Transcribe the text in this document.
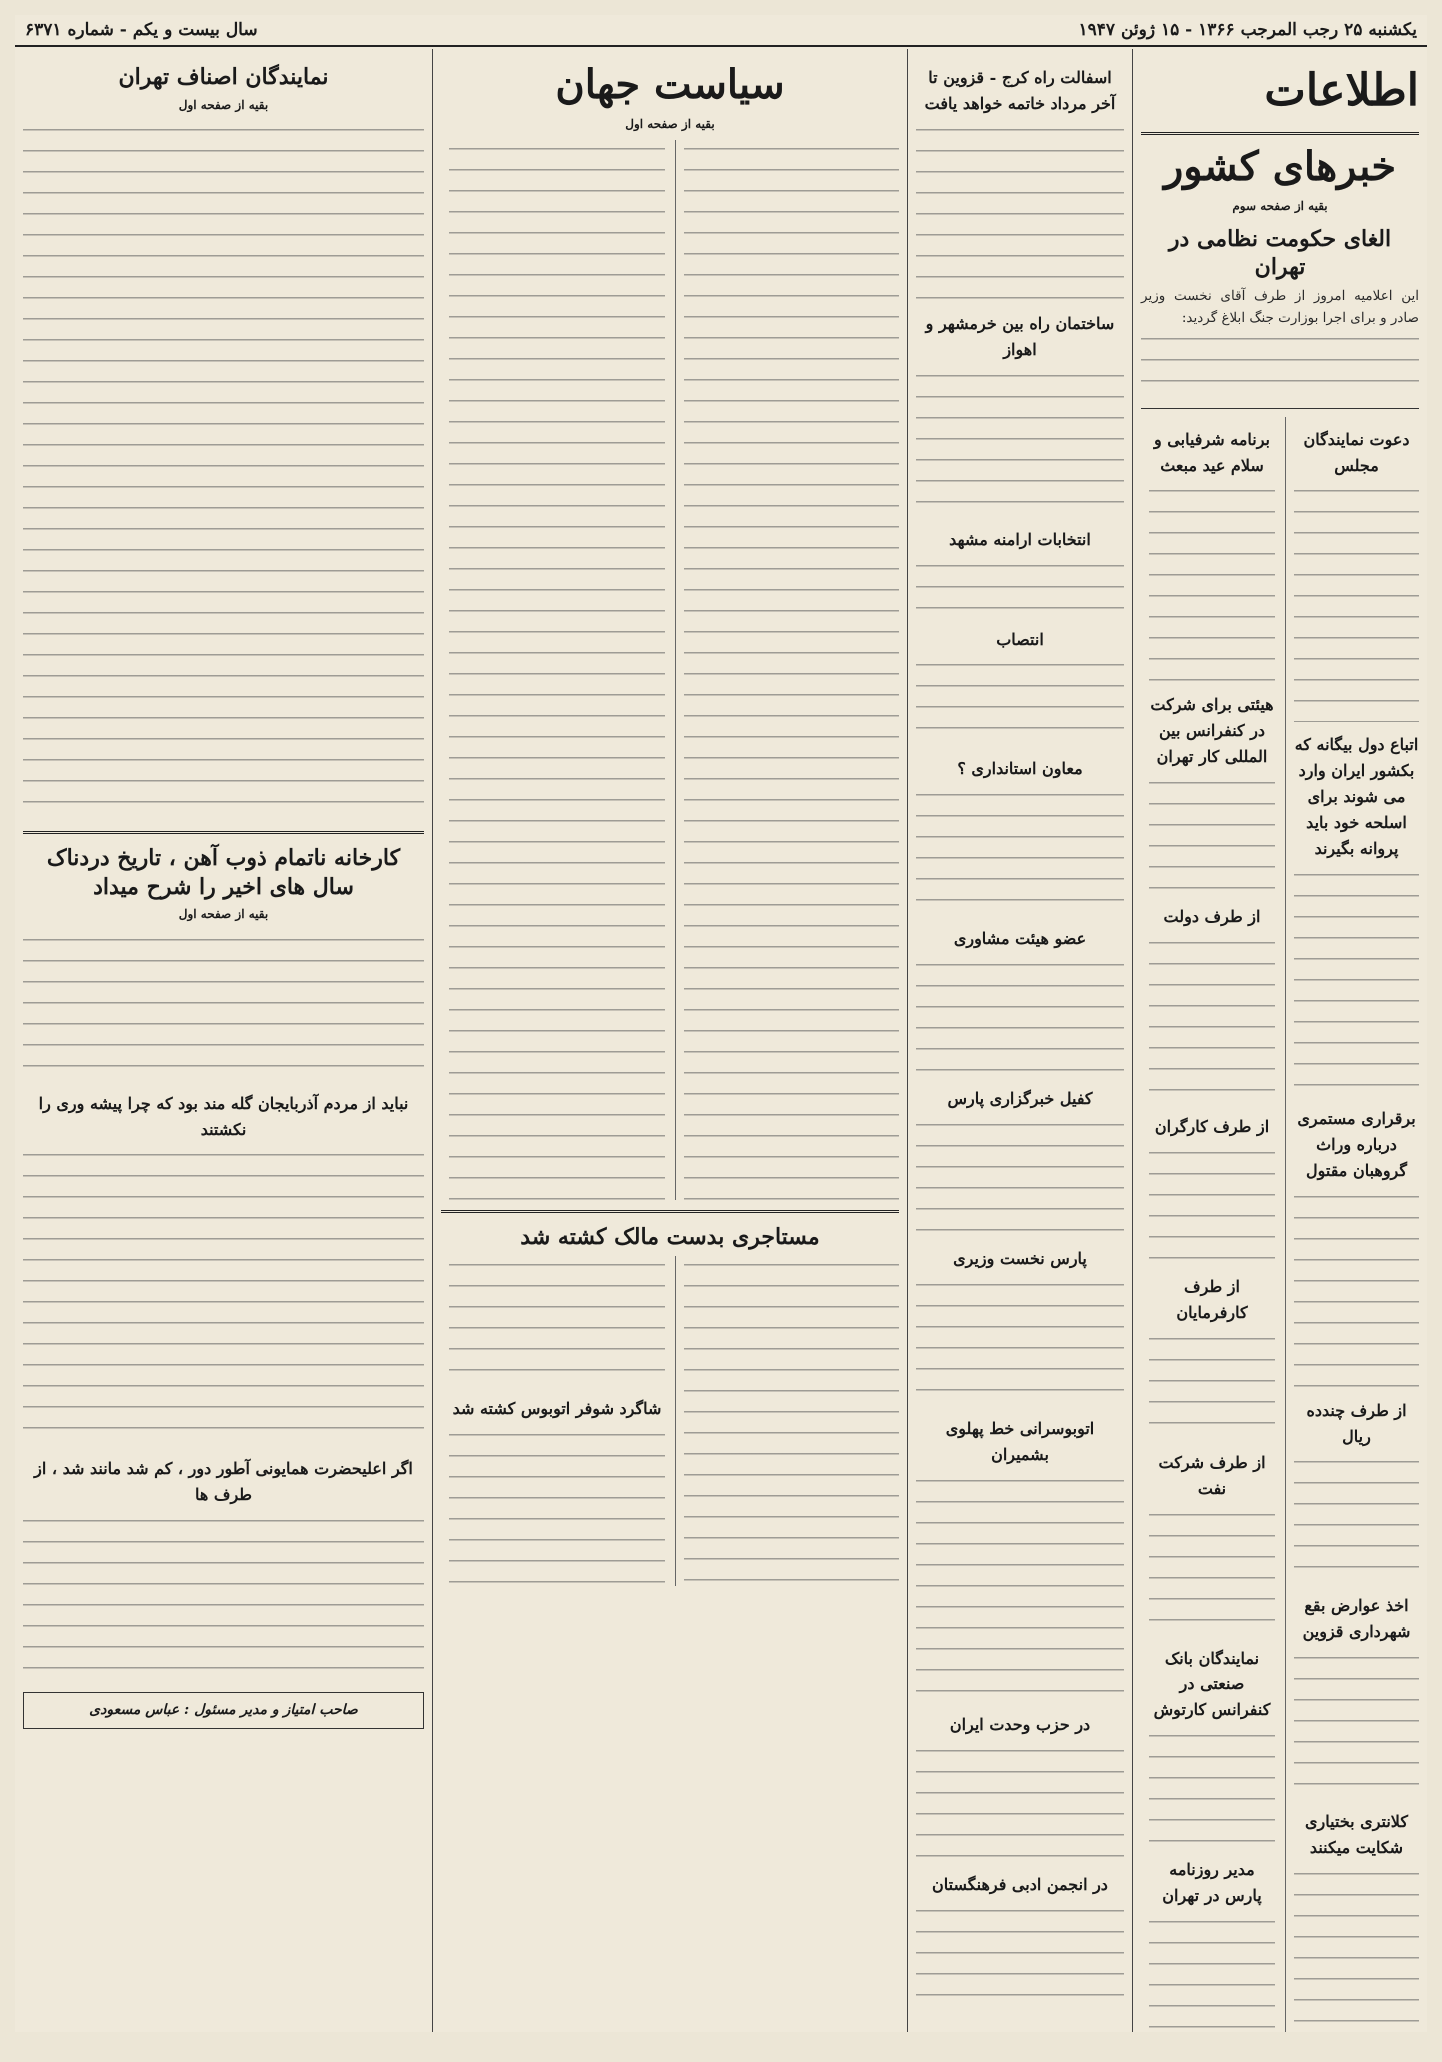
یکشنبه ۲۵ رجب المرجب ۱۳۶۶ - ۱۵ ژوئن ۱۹۴۷
سال بیست و یکم - شماره ۶۳۷۱
اطلاعات
خبرهای کشور
بقیه از صفحه سوم
الغای حکومت نظامی در تهران
این اعلامیه امروز از طرف آقای نخست وزیر صادر و برای اجرا بوزارت جنگ ابلاغ گردید:
دعوت نمایندگان مجلس
اتباع دول بیگانه که بکشور ایران وارد می شوند برای اسلحه خود باید پروانه بگیرند
برقراری مستمری درباره وراث گروهبان مقتول
از طرف چندده ریال
اخذ عوارض بقع شهرداری قزوین
کلانتری بختیاری شکایت میکنند
برنامه شرفیابی و سلام عید مبعث
هیئتی برای شرکت در کنفرانس بین المللی کار تهران
از طرف دولت
از طرف کارگران
از طرف کارفرمایان
از طرف شرکت نفت
نمایندگان بانک صنعتی در کنفرانس کارتوش
مدیر روزنامه پارس در تهران
اسفالت راه کرج - قزوین تا آخر مرداد خاتمه خواهد یافت
ساختمان راه بین خرمشهر و اهواز
انتخابات ارامنه مشهد
انتصاب
معاون استانداری ؟
عضو هیئت مشاوری
کفیل خبرگزاری پارس
پارس نخست وزیری
اتوبوسرانی خط پهلوی بشمیران
در حزب وحدت ایران
در انجمن ادبی فرهنگستان
سیاست جهان
بقیه از صفحه اول
مستاجری بدست مالک کشته شد
شاگرد شوفر اتوبوس کشته شد
نمایندگان اصناف تهران
بقیه از صفحه اول
کارخانه ناتمام ذوب آهن ، تاریخ دردناک سال های اخیر را شرح میداد
بقیه از صفحه اول
نباید از مردم آذربایجان گله مند بود که چرا پیشه وری را نکشتند
اگر اعلیحضرت همایونی آطور دور ، کم شد مانند شد ، از طرف ها
صاحب امتیاز و مدیر مسئول : عباس مسعودی
